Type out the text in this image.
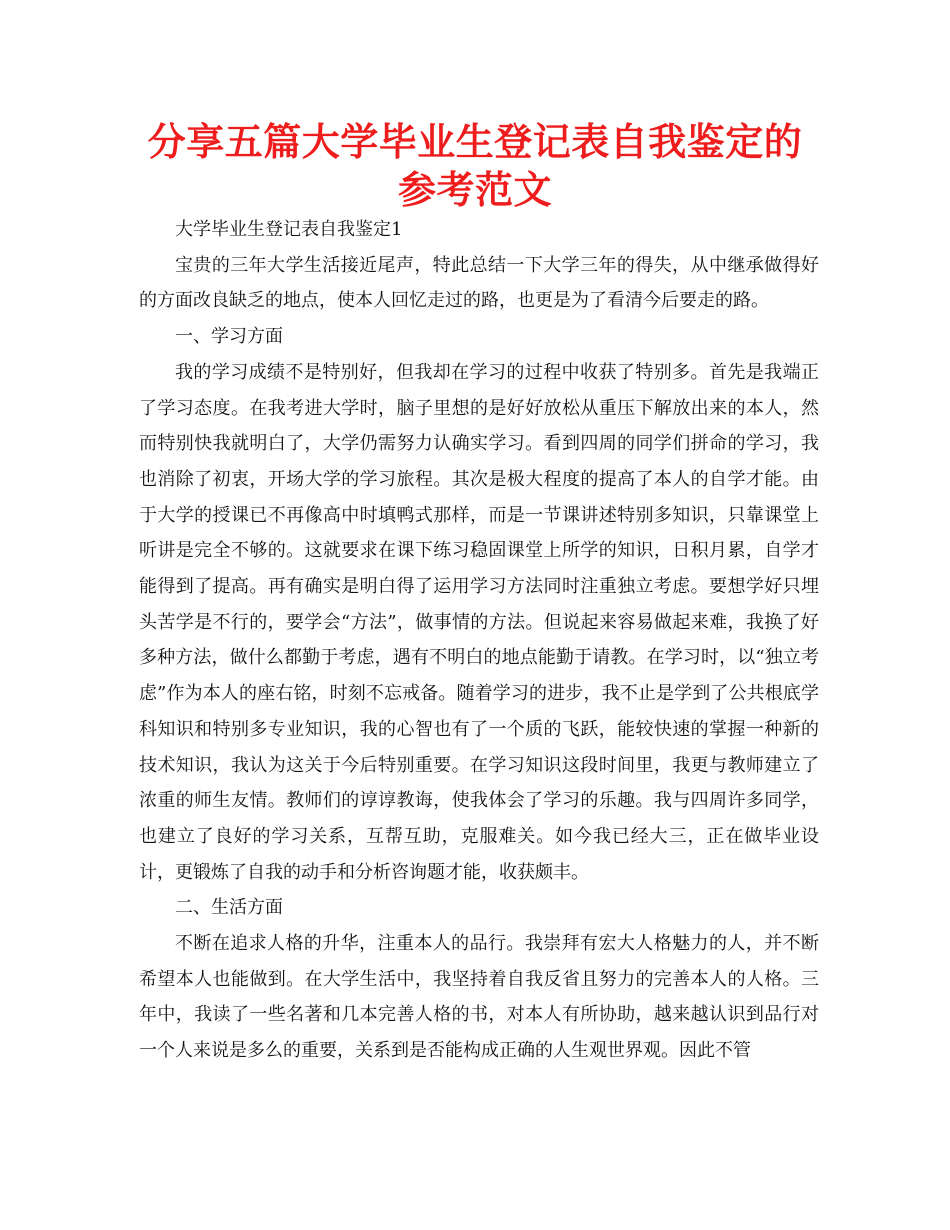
分享五篇大学毕业生登记表自我鉴定的参考范文

大学毕业生登记表自我鉴定1

宝贵的三年大学生活接近尾声，特此总结一下大学三年的得失，从中继承做得好的方面改良缺乏的地点，使本人回忆走过的路，也更是为了看清今后要走的路。

一、学习方面

我的学习成绩不是特别好，但我却在学习的过程中收获了特别多。首先是我端正了学习态度。在我考进大学时，脑子里想的是好好放松从重压下解放出来的本人，然而特别快我就明白了，大学仍需努力认确实学习。看到四周的同学们拼命的学习，我也消除了初衷，开场大学的学习旅程。其次是极大程度的提高了本人的自学才能。由于大学的授课已不再像高中时填鸭式那样，而是一节课讲述特别多知识，只靠课堂上听讲是完全不够的。这就要求在课下练习稳固课堂上所学的知识，日积月累，自学才能得到了提高。再有确实是明白得了运用学习方法同时注重独立考虑。要想学好只埋头苦学是不行的，要学会“方法”，做事情的方法。但说起来容易做起来难，我换了好多种方法，做什么都勤于考虑，遇有不明白的地点能勤于请教。在学习时，以“独立考虑”作为本人的座右铭，时刻不忘戒备。随着学习的进步，我不止是学到了公共根底学科知识和特别多专业知识，我的心智也有了一个质的飞跃，能较快速的掌握一种新的技术知识，我认为这关于今后特别重要。在学习知识这段时间里，我更与教师建立了浓重的师生友情。教师们的谆谆教诲，使我体会了学习的乐趣。我与四周许多同学，也建立了良好的学习关系，互帮互助，克服难关。如今我已经大三，正在做毕业设计，更锻炼了自我的动手和分析咨询题才能，收获颇丰。

二、生活方面

不断在追求人格的升华，注重本人的品行。我崇拜有宏大人格魅力的人，并不断希望本人也能做到。在大学生活中，我坚持着自我反省且努力的完善本人的人格。三年中，我读了一些名著和几本完善人格的书，对本人有所协助，越来越认识到品行对一个人来说是多么的重要，关系到是否能构成正确的人生观世界观。因此不管
